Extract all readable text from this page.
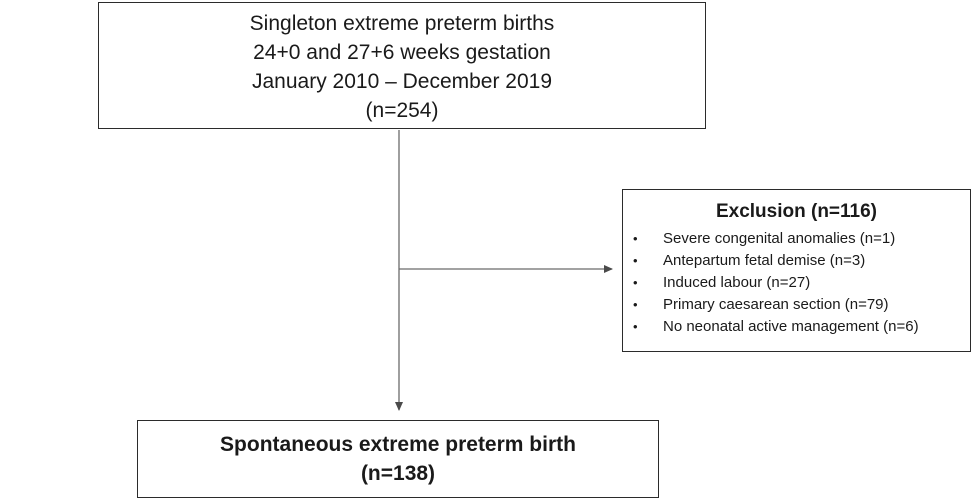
Singleton extreme preterm births
24+0 and 27+6 weeks gestation
January 2010 – December 2019
(n=254)
Exclusion (n=116)
• Severe congenital anomalies (n=1)
• Antepartum fetal demise (n=3)
• Induced labour (n=27)
• Primary caesarean section (n=79)
• No neonatal active management (n=6)
Spontaneous extreme preterm birth
(n=138)
